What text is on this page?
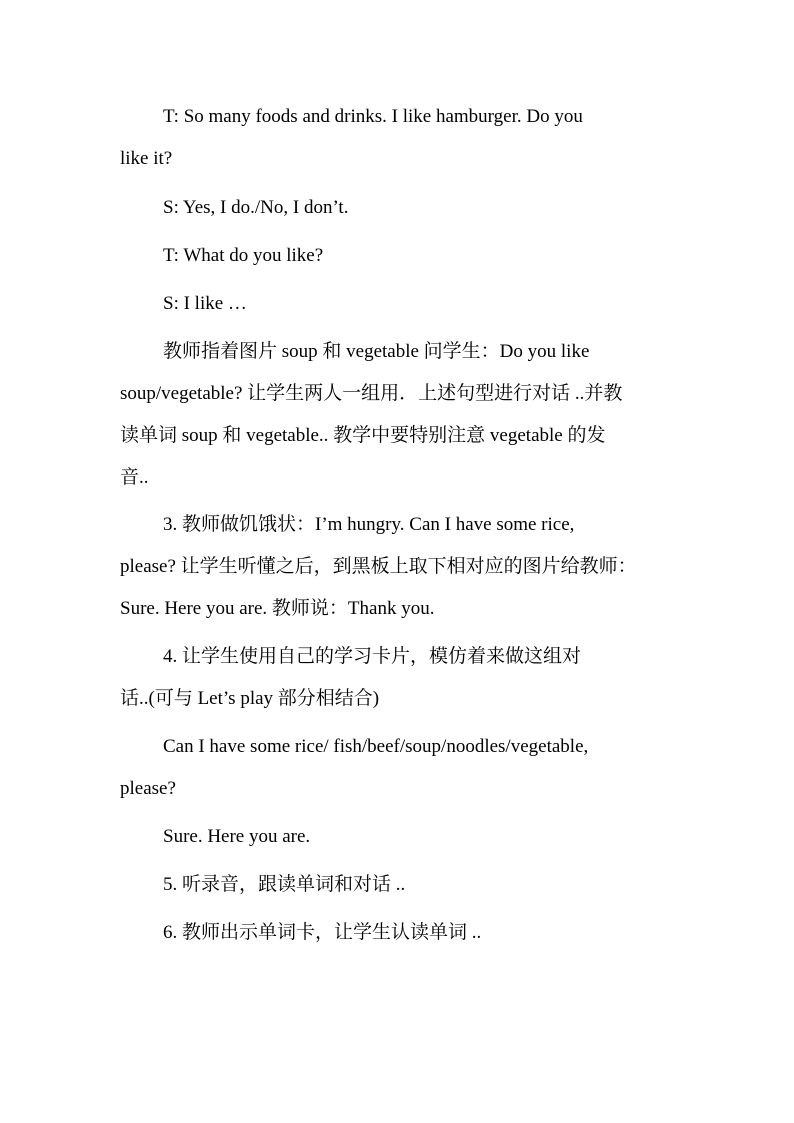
T: So many foods and drinks. I like hamburger. Do you
like it?
S: Yes, I do./No, I don’t.
T: What do you like?
S: I like …
教师指着图片 soup 和 vegetable 问学生：Do you like
soup/vegetable? 让学生两人一组用．上述句型进行对话 ..并教
读单词 soup 和 vegetable.. 教学中要特别注意 vegetable 的发
音..
3. 教师做饥饿状：I’m hungry. Can I have some rice,
please? 让学生听懂之后，到黑板上取下相对应的图片给教师：
Sure. Here you are. 教师说：Thank you.
4. 让学生使用自己的学习卡片，模仿着来做这组对
话..(可与 Let’s play 部分相结合)
Can I have some rice/ fish/beef/soup/noodles/vegetable,
please?
Sure. Here you are.
5. 听录音，跟读单词和对话 ..
6. 教师出示单词卡，让学生认读单词 ..
